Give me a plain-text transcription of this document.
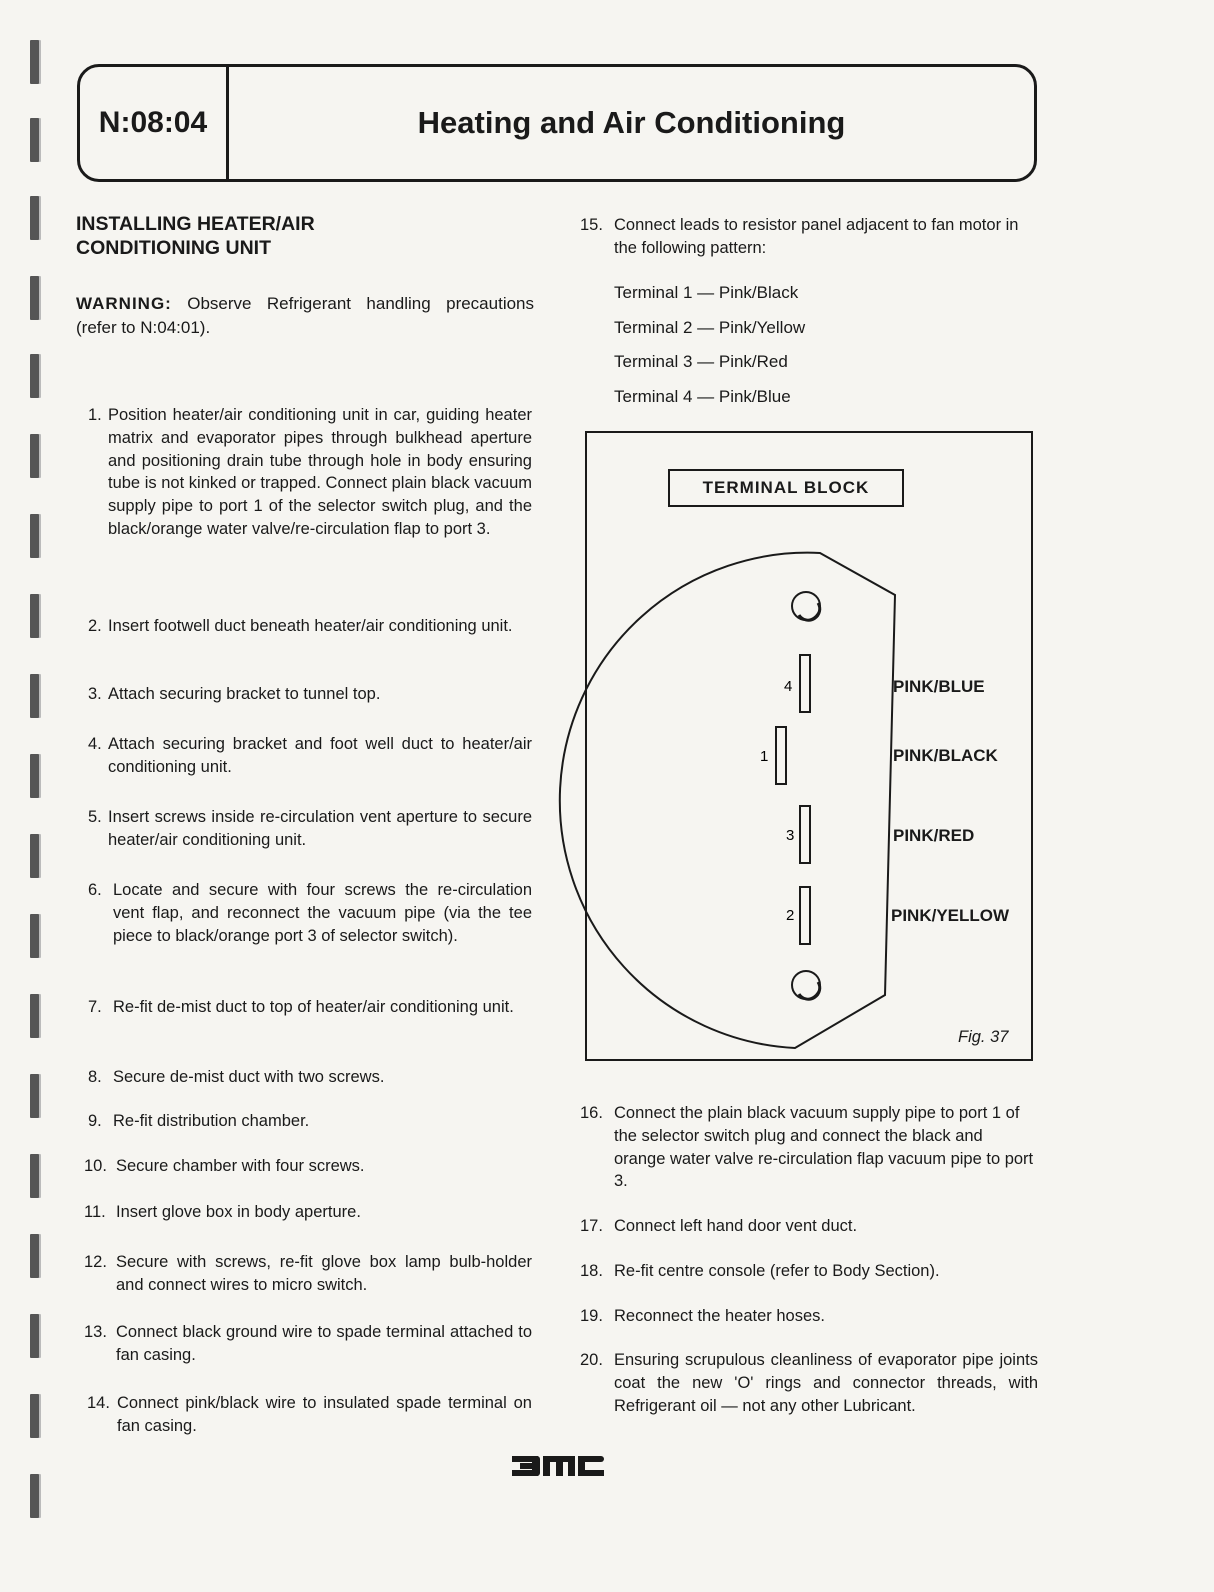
N:08:04	Heating and Air Conditioning
INSTALLING HEATER/AIR CONDITIONING UNIT
WARNING: Observe Refrigerant handling precautions (refer to N:04:01).
1. Position heater/air conditioning unit in car, guiding heater matrix and evaporator pipes through bulkhead aperture and positioning drain tube through hole in body ensuring tube is not kinked or trapped. Connect plain black vacuum supply pipe to port 1 of the selector switch plug, and the black/orange water valve/re-circulation flap to port 3.
2. Insert footwell duct beneath heater/air conditioning unit.
3. Attach securing bracket to tunnel top.
4. Attach securing bracket and foot well duct to heater/air conditioning unit.
5. Insert screws inside re-circulation vent aperture to secure heater/air conditioning unit.
6. Locate and secure with four screws the re-circulation vent flap, and reconnect the vacuum pipe (via the tee piece to black/orange port 3 of selector switch).
7. Re-fit de-mist duct to top of heater/air conditioning unit.
8. Secure de-mist duct with two screws.
9. Re-fit distribution chamber.
10. Secure chamber with four screws.
11. Insert glove box in body aperture.
12. Secure with screws, re-fit glove box lamp bulb-holder and connect wires to micro switch.
13. Connect black ground wire to spade terminal attached to fan casing.
14. Connect pink/black wire to insulated spade terminal on fan casing.
15. Connect leads to resistor panel adjacent to fan motor in the following pattern:
Terminal 1 — Pink/Black
Terminal 2 — Pink/Yellow
Terminal 3 — Pink/Red
Terminal 4 — Pink/Blue
TERMINAL BLOCK
4
1
3
2
PINK/BLUE
PINK/BLACK
PINK/RED
PINK/YELLOW
Fig. 37
16. Connect the plain black vacuum supply pipe to port 1 of the selector switch plug and connect the black and orange water valve re-circulation flap vacuum pipe to port 3.
17. Connect left hand door vent duct.
18. Re-fit centre console (refer to Body Section).
19. Reconnect the heater hoses.
20. Ensuring scrupulous cleanliness of evaporator pipe joints coat the new 'O' rings and connector threads, with Refrigerant oil — not any other Lubricant.
